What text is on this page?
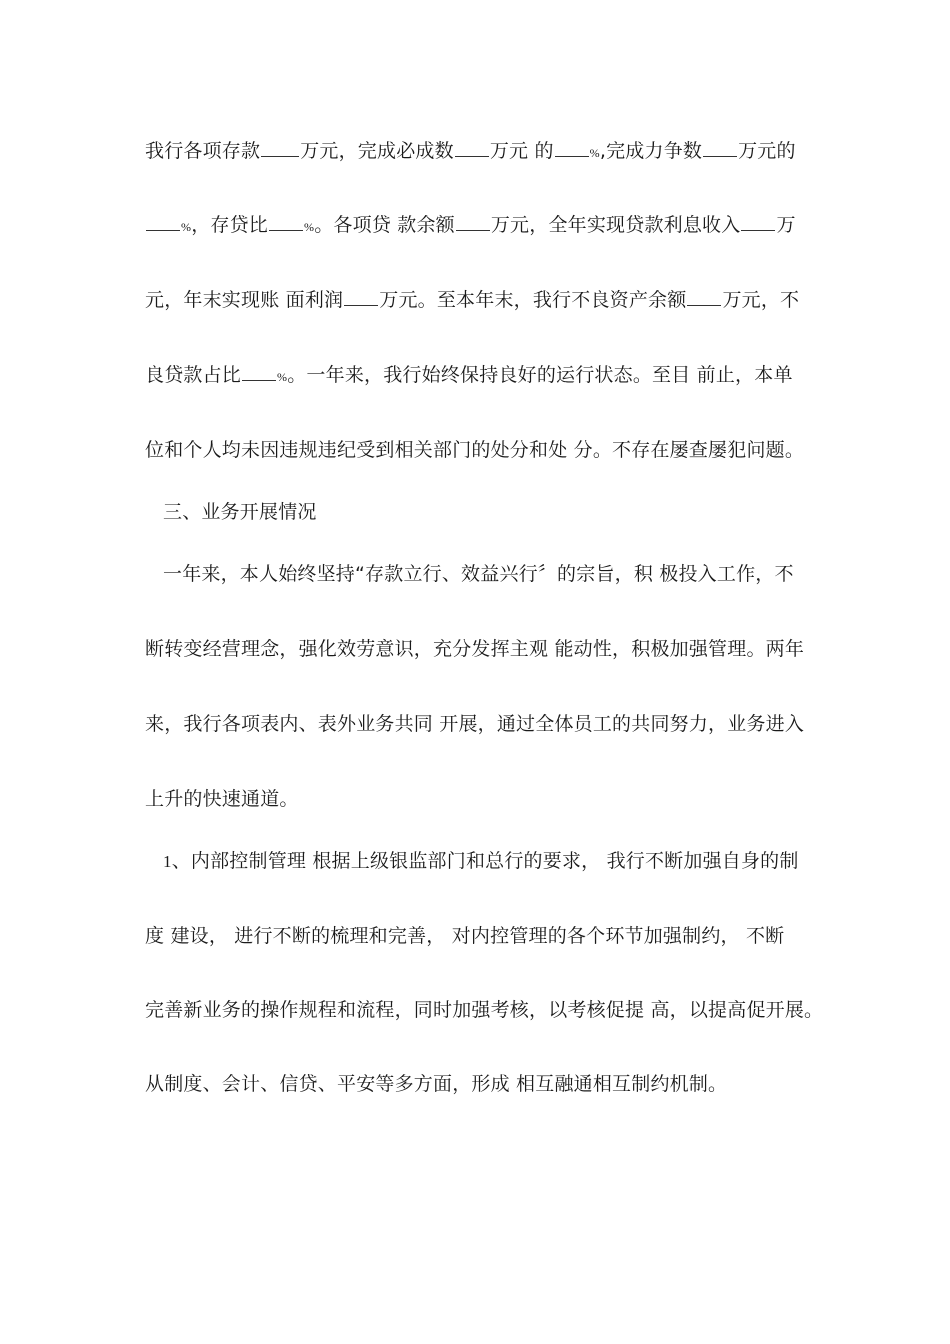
我行各项存款 万元，完成必成数 万元 的	%,完成力争数 万元的
%，存贷比	%。各项贷 款余额 万元，全年实现贷款利息收入 万
元，年末实现账 面利润 万元。至本年末，我行不良资产余额 万元，不
良贷款占比	%。一年来，我行始终保持良好的运行状态。至目 前止，本单
位和个人均未因违规违纪受到相关部门的处分和处 分。不存在屡查屡犯问题。
三、业务开展情况
一年来，本人始终坚持“存款立行、效益兴行〞的宗旨，积 极投入工作，不
断转变经营理念，强化效劳意识，充分发挥主观 能动性，积极加强管理。两年
来，我行各项表内、表外业务共同 开展，通过全体员工的共同努力，业务进入
上升的快速通道。
1、内部控制管理 根据上级银监部门和总行的要求， 我行不断加强自身的制
度 建设， 进行不断的梳理和完善， 对内控管理的各个环节加强制约， 不断
完善新业务的操作规程和流程，同时加强考核，以考核促提 高，以提高促开展。
从制度、会计、信贷、平安等多方面，形成 相互融通相互制约机制。
